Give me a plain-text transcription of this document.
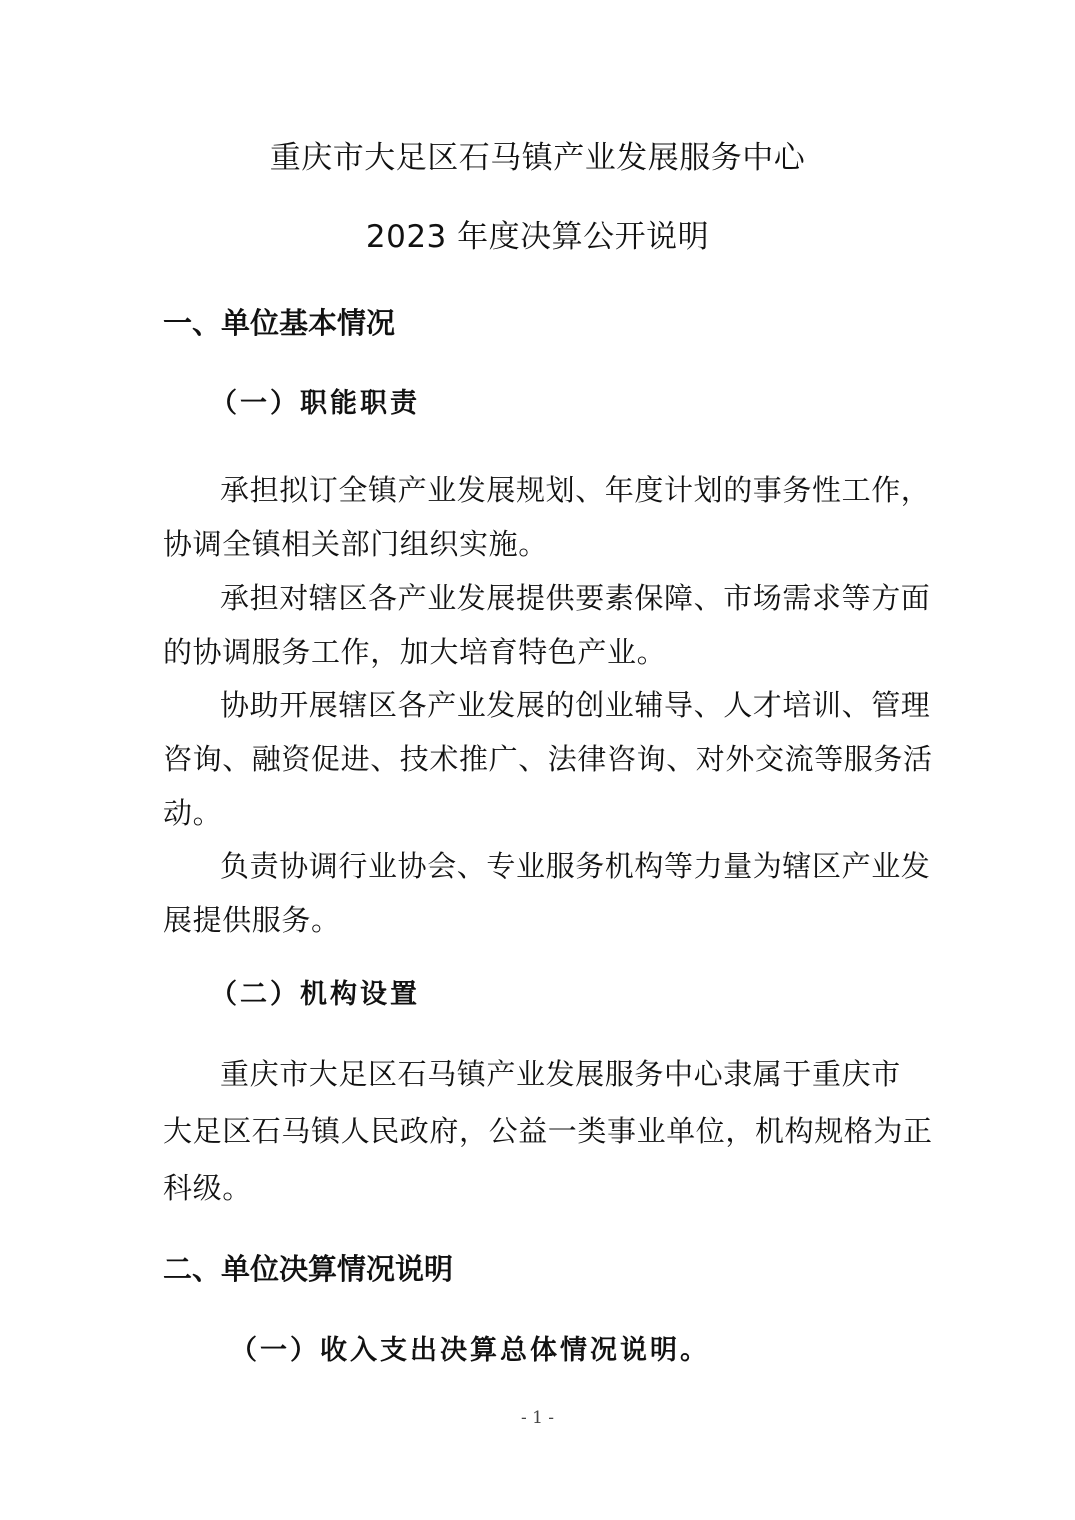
重庆市大足区石马镇产业发展服务中心
2023 年度决算公开说明
一、单位基本情况
（一）职能职责
承担拟订全镇产业发展规划、年度计划的事务性工作，
协调全镇相关部门组织实施。
承担对辖区各产业发展提供要素保障、市场需求等方面
的协调服务工作，加大培育特色产业。
协助开展辖区各产业发展的创业辅导、人才培训、管理
咨询、融资促进、技术推广、法律咨询、对外交流等服务活
动。
负责协调行业协会、专业服务机构等力量为辖区产业发
展提供服务。
（二）机构设置
重庆市大足区石马镇产业发展服务中心隶属于重庆市
大足区石马镇人民政府，公益一类事业单位，机构规格为正
科级。
二、单位决算情况说明
（一）收入支出决算总体情况说明。
- 1 -
